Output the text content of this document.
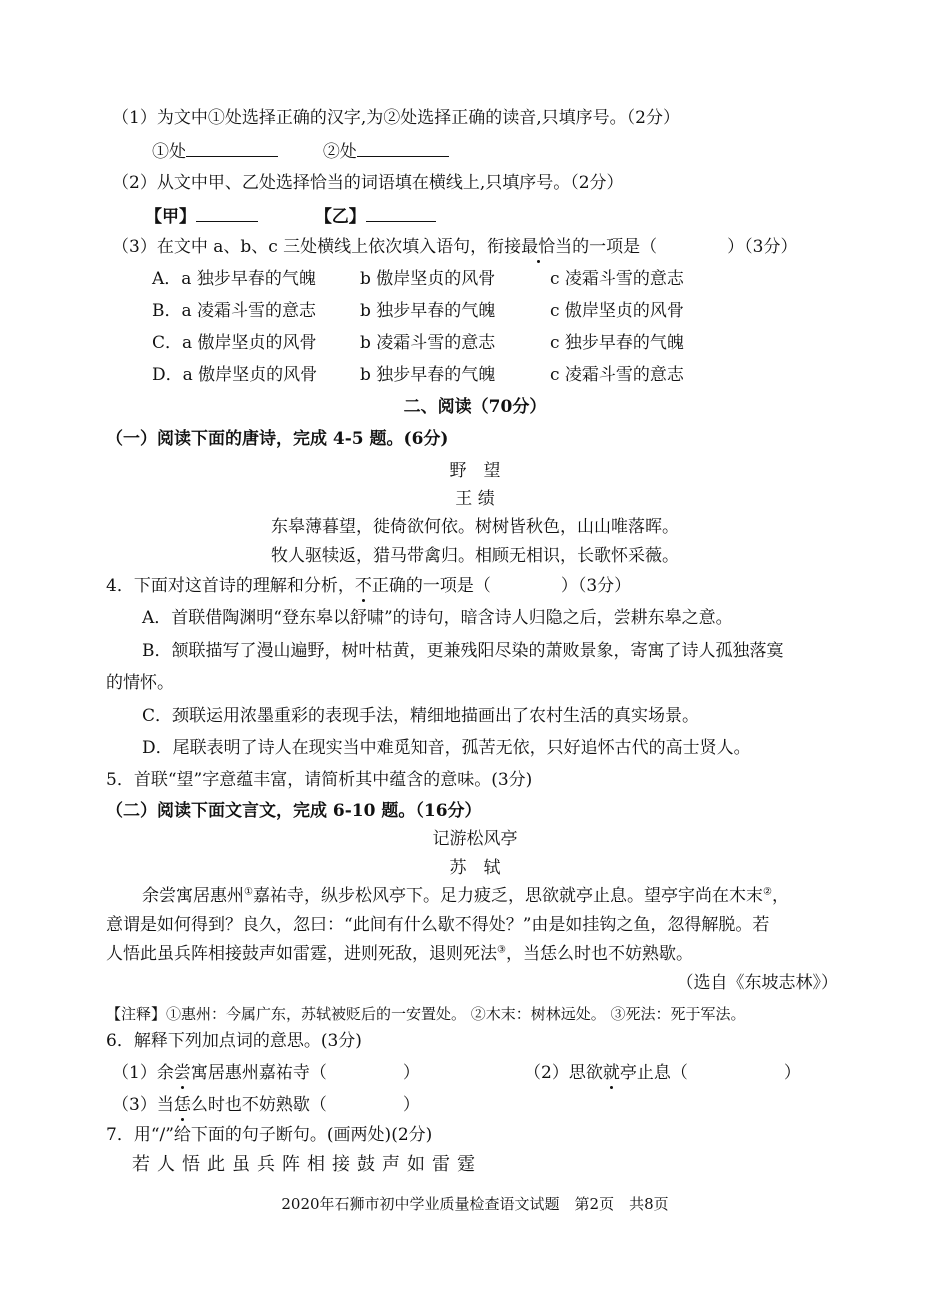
（1）为文中①处选择正确的汉字,为②处选择正确的读音,只填序号。（2分）
①处	②处
（2）从文中甲、乙处选择恰当的词语填在横线上,只填序号。（2分）
【甲】	【乙】
（3）在文中 a、b、c 三处横线上依次填入语句，衔接最恰当的一项是（	）（3分）
A．a 独步早春的气魄	b 傲岸坚贞的风骨	c 凌霜斗雪的意志
B．a 凌霜斗雪的意志	b 独步早春的气魄	c 傲岸坚贞的风骨
C．a 傲岸坚贞的风骨	b 凌霜斗雪的意志	c 独步早春的气魄
D．a 傲岸坚贞的风骨	b 独步早春的气魄	c 凌霜斗雪的意志
二、阅读（70分）
（一）阅读下面的唐诗，完成 4-5 题。(6分)
野　望
王 绩
东皋薄暮望，徙倚欲何依。树树皆秋色，山山唯落晖。
牧人驱犊返，猎马带禽归。相顾无相识，长歌怀采薇。
4．下面对这首诗的理解和分析，不正确的一项是（	）（3分）
A．首联借陶渊明“登东皋以舒啸”的诗句，暗含诗人归隐之后，尝耕东皋之意。
B．颔联描写了漫山遍野，树叶枯黄，更兼残阳尽染的萧败景象，寄寓了诗人孤独落寞
的情怀。
C．颈联运用浓墨重彩的表现手法，精细地描画出了农村生活的真实场景。
D．尾联表明了诗人在现实当中难觅知音，孤苦无依，只好追怀古代的高士贤人。
5．首联“望”字意蕴丰富，请简析其中蕴含的意味。(3分)
（二）阅读下面文言文，完成 6-10 题。（16分）
记游松风亭
苏　轼
余尝寓居惠州①嘉祐寺，纵步松风亭下。足力疲乏，思欲就亭止息。望亭宇尚在木末②，
意谓是如何得到？良久，忽曰：“此间有什么歇不得处？”由是如挂钩之鱼，忽得解脱。若
人悟此虽兵阵相接鼓声如雷霆，进则死敌，退则死法③，当恁么时也不妨熟歇。
（选自《东坡志林》）
【注释】①惠州：今属广东，苏轼被贬后的一安置处。 ②木末：树林远处。 ③死法：死于军法。
6．解释下列加点词的意思。(3分)
（1）余尝寓居惠州嘉祐寺（	）	（2）思欲就亭止息（	）
（3）当恁么时也不妨熟歇（	）
7．用“/”给下面的句子断句。(画两处)(2分)
若人悟此虽兵阵相接鼓声如雷霆
2020年石狮市初中学业质量检查语文试题　第2页　共8页
